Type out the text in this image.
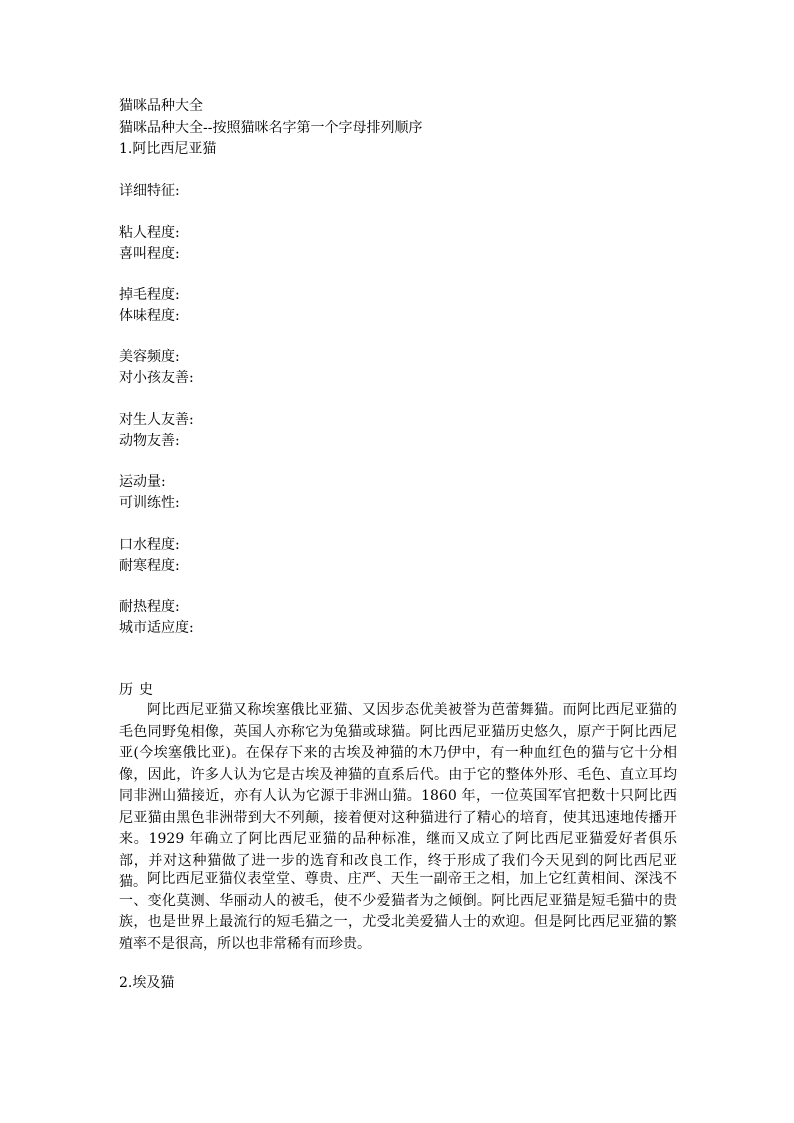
猫咪品种大全
猫咪品种大全--按照猫咪名字第一个字母排列顺序
1.阿比西尼亚猫
详细特征:
粘人程度:
喜叫程度:
掉毛程度:
体味程度:
美容频度:
对小孩友善:
对生人友善:
动物友善:
运动量:
可训练性:
口水程度:
耐寒程度:
耐热程度:
城市适应度:
历史
阿比西尼亚猫又称埃塞俄比亚猫、又因步态优美被誉为芭蕾舞猫。而阿比西尼亚猫的毛色同野兔相像，英国人亦称它为兔猫或球猫。阿比西尼亚猫历史悠久，原产于阿比西尼亚(今埃塞俄比亚)。在保存下来的古埃及神猫的木乃伊中，有一种血红色的猫与它十分相像，因此，许多人认为它是古埃及神猫的直系后代。由于它的整体外形、毛色、直立耳均同非洲山猫接近，亦有人认为它源于非洲山猫。1860 年，一位英国军官把数十只阿比西尼亚猫由黑色非洲带到大不列颠，接着便对这种猫进行了精心的培育，使其迅速地传播开来。1929 年确立了阿比西尼亚猫的品种标准，继而又成立了阿比西尼亚猫爱好者俱乐部，并对这种猫做了进一步的选育和改良工作，终于形成了我们今天见到的阿比西尼亚猫。 阿比西尼亚猫仪表堂堂、尊贵、庄严、天生一副帝王之相，加上它红黄相间、深浅不一、变化莫测、华丽动人的被毛，使不少爱猫者为之倾倒。阿比西尼亚猫是短毛猫中的贵族，也是世界上最流行的短毛猫之一，尤受北美爱猫人士的欢迎。但是阿比西尼亚猫的繁殖率不是很高，所以也非常稀有而珍贵。
2.埃及猫
